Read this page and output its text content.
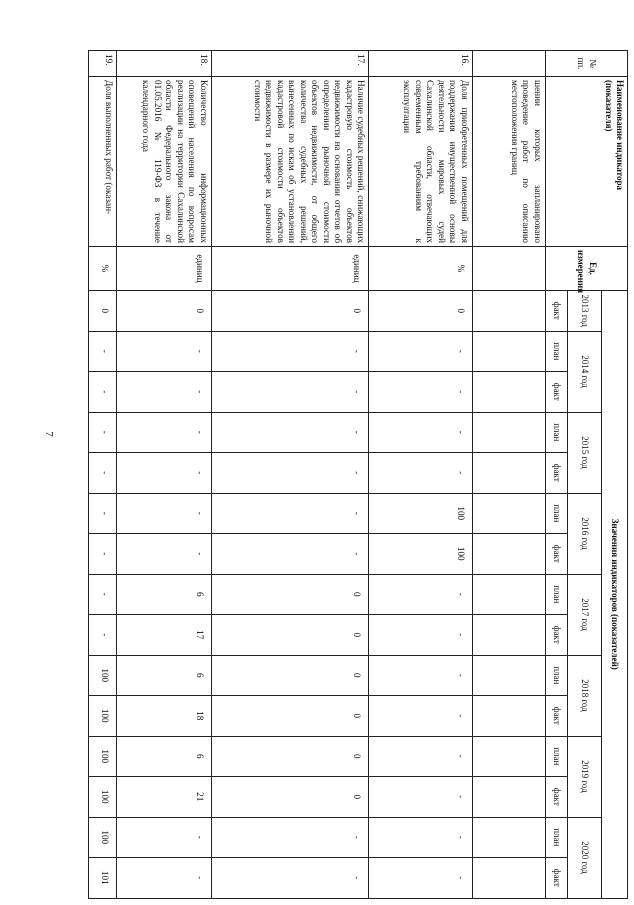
7
№ пп.	Наименование индикатора (показателя)	Ед. измерения	Значения индикаторов (показателей)														
			2013 год	2014 год		2015 год		2016 год		2017 год		2018 год		2019 год		2020 год	
			факт	план	факт	план	факт	план	факт	план	факт	план	факт	план	факт	план	факт
	шении которых запланировано проведение работ по описанию местоположения границ																
16.	Доля приобретенных помещений для поддержания имущественной основы деятельности мировых судей Сахалинской области, отвечающих современным требованиям к эксплуатации	%	0	-	-	-	-	100	100	-	-	-	-	-	-	-	-
17.	Наличие судебных решений, снижающих кадастровую стоимость объектов недвижимости на основании отчетов об определении рыночной стоимости объектов недвижимости, от общего количества судебных решений, вынесенных по искам об установлении кадастровой стоимости объектов недвижимости в размере их рыночной стоимости	единиц	0	-	-	-	-	-	-	0	0	0	0	0	0	-	-
18.	Количество информационных оповещений населения по вопросам реализации на территории Сахалинской области Федерального закона от 01.05.2016 № 119-ФЗ в течение календарного года	единиц	0	-	-	-	-	-	-	6	17	6	18	6	21	-	-
19.	Доля выполненных работ (оказан-	%	0	-	-	-	-	-	-	-	-	100	100	100	100	100	101
